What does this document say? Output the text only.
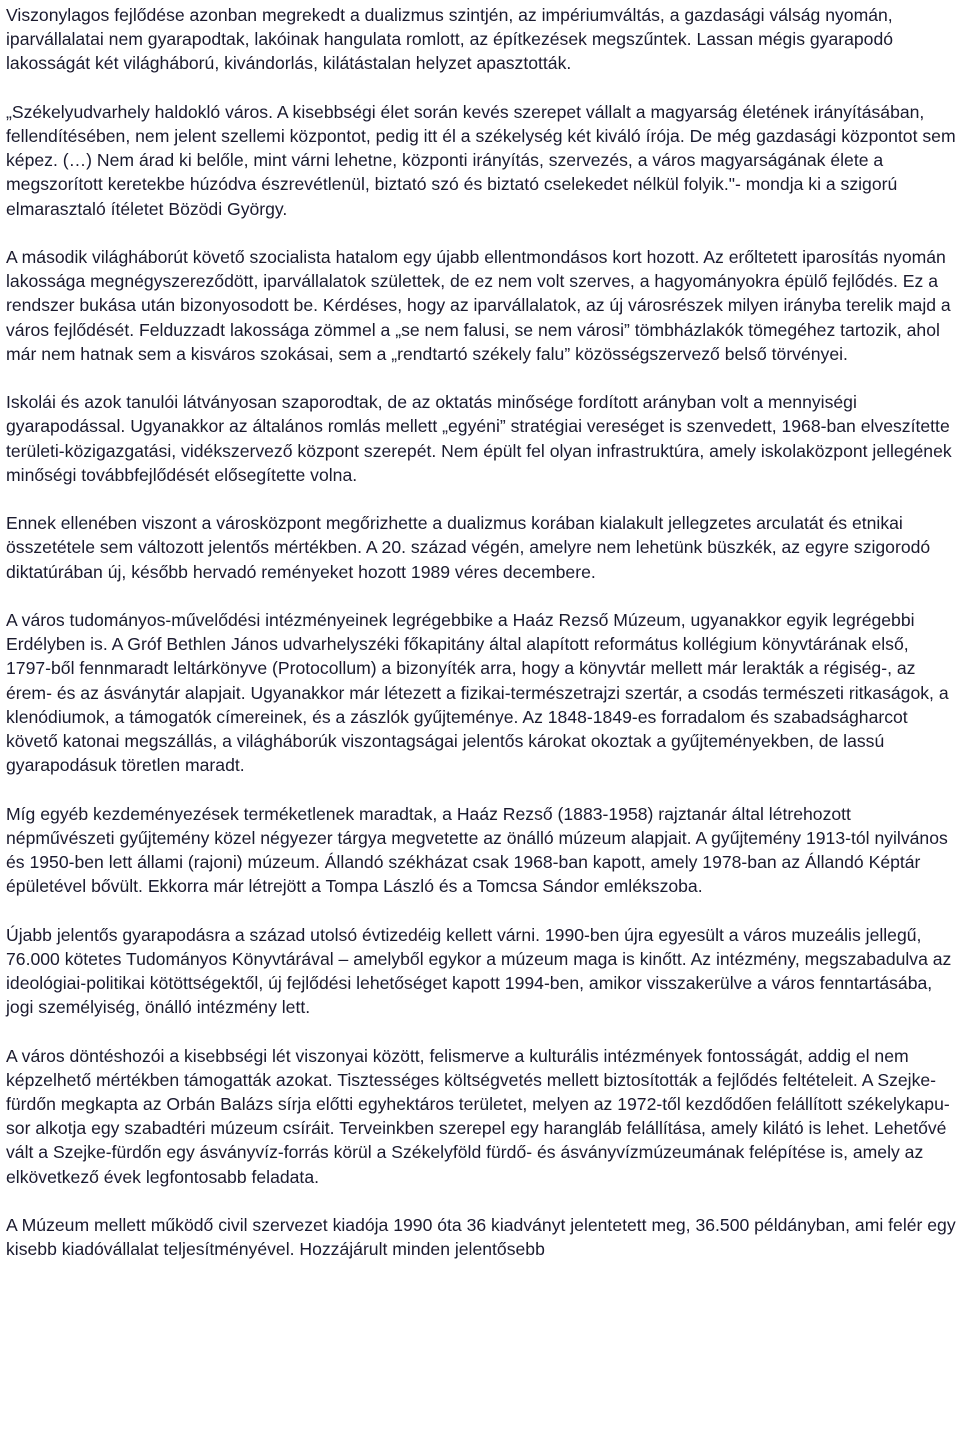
Viszonylagos fejlődése azonban megrekedt a dualizmus szintjén, az impériumváltás, a gazdasági válság nyomán, iparvállalatai nem gyarapodtak, lakóinak hangulata romlott, az építkezések megszűntek. Lassan mégis gyarapodó lakosságát két világháború, kivándorlás, kilátástalan helyzet apasztották.

„Székelyudvarhely haldokló város. A kisebbségi élet során kevés szerepet vállalt a magyarság életének irányításában, fellendítésében, nem jelent szellemi központot, pedig itt él a székelység két kiváló írója. De még gazdasági központot sem képez. (…) Nem árad ki belőle, mint várni lehetne, központi irányítás, szervezés, a város magyarságának élete a megszorított keretekbe húzódva észrevétlenül, biztató szó és biztató cselekedet nélkül folyik."- mondja ki a szigorú elmarasztaló ítéletet Bözödi György.

A második világháborút követő szocialista hatalom egy újabb ellentmondásos kort hozott. Az erőltetett iparosítás nyomán lakossága megnégyszereződött, iparvállalatok születtek, de ez nem volt szerves, a hagyományokra épülő fejlődés. Ez a rendszer bukása után bizonyosodott be. Kérdéses, hogy az iparvállalatok, az új városrészek milyen irányba terelik majd a város fejlődését. Felduzzadt lakossága zömmel a „se nem falusi, se nem városi” tömbházlakók tömegéhez tartozik, ahol már nem hatnak sem a kisváros szokásai, sem a „rendtartó székely falu” közösségszervező belső törvényei.

Iskolái és azok tanulói látványosan szaporodtak, de az oktatás minősége fordított arányban volt a mennyiségi gyarapodással. Ugyanakkor az általános romlás mellett „egyéni” stratégiai vereséget is szenvedett, 1968-ban elveszítette területi-közigazgatási, vidékszervező központ szerepét. Nem épült fel olyan infrastruktúra, amely iskolaközpont jellegének minőségi továbbfejlődését elősegítette volna.

Ennek ellenében viszont a városközpont megőrizhette a dualizmus korában kialakult jellegzetes arculatát és etnikai összetétele sem változott jelentős mértékben. A 20. század végén, amelyre nem lehetünk büszkék, az egyre szigorodó diktatúrában új, később hervadó reményeket hozott 1989 véres decembere.

A város tudományos-művelődési intézményeinek legrégebbike a Haáz Rezső Múzeum, ugyanakkor egyik legrégebbi Erdélyben is. A Gróf Bethlen János udvarhelyszéki főkapitány által alapított református kollégium könyvtárának első, 1797-ből fennmaradt leltárkönyve (Protocollum) a bizonyíték arra, hogy a könyvtár mellett már lerakták a régiség-, az érem- és az ásványtár alapjait. Ugyanakkor már létezett a fizikai-természetrajzi szertár, a csodás természeti ritkaságok, a klenódiumok, a támogatók címereinek, és a zászlók gyűjteménye. Az 1848-1849-es forradalom és szabadságharcot követő katonai megszállás, a világháborúk viszontagságai jelentős károkat okoztak a gyűjteményekben, de lassú gyarapodásuk töretlen maradt.

Míg egyéb kezdeményezések terméketlenek maradtak, a Haáz Rezső (1883-1958) rajztanár által létrehozott népművészeti gyűjtemény közel négyezer tárgya megvetette az önálló múzeum alapjait. A gyűjtemény 1913-tól nyilvános és 1950-ben lett állami (rajoni) múzeum. Állandó székházat csak 1968-ban kapott, amely 1978-ban az Állandó Képtár épületével bővült. Ekkorra már létrejött a Tompa László és a Tomcsa Sándor emlékszoba.

Újabb jelentős gyarapodásra a század utolsó évtizedéig kellett várni. 1990-ben újra egyesült a város muzeális jellegű, 76.000 kötetes Tudományos Könyvtárával – amelyből egykor a múzeum maga is kinőtt. Az intézmény, megszabadulva az ideológiai-politikai kötöttségektől, új fejlődési lehetőséget kapott 1994-ben, amikor visszakerülve a város fenntartásába, jogi személyiség, önálló intézmény lett.

A város döntéshozói a kisebbségi lét viszonyai között, felismerve a kulturális intézmények fontosságát, addig el nem képzelhető mértékben támogatták azokat. Tisztességes költségvetés mellett biztosították a fejlődés feltételeit. A Szejke-fürdőn megkapta az Orbán Balázs sírja előtti egyhektáros területet, melyen az 1972-től kezdődően felállított székelykapu-sor alkotja egy szabadtéri múzeum csíráit. Terveinkben szerepel egy harangláb felállítása, amely kilátó is lehet. Lehetővé vált a Szejke-fürdőn egy ásványvíz-forrás körül a Székelyföld fürdő- és ásványvízmúzeumának felépítése is, amely az elkövetkező évek legfontosabb feladata.

A Múzeum mellett működő civil szervezet kiadója 1990 óta 36 kiadványt jelentetett meg, 36.500 példányban, ami felér egy kisebb kiadóvállalat teljesítményével. Hozzájárult minden jelentősebb
